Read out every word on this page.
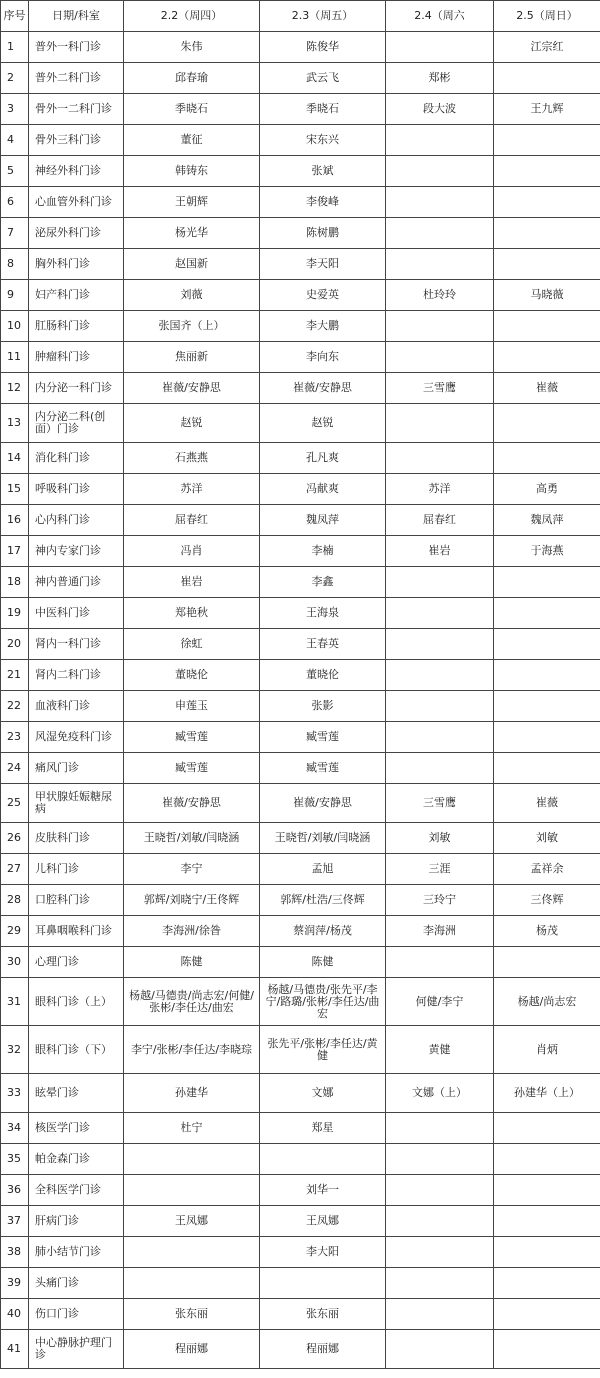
序号	日期/科室	2.2（周四）	2.3（周五）	2.4（周六	2.5（周日）
1	普外一科门诊	朱伟	陈俊华		江宗红
2	普外二科门诊	邱春瑜	武云飞	郑彬	
3	骨外一二科门诊	季晓石	季晓石	段大波	王九辉
4	骨外三科门诊	董征	宋东兴		
5	神经外科门诊	韩铸东	张斌		
6	心血管外科门诊	王朝辉	李俊峰		
7	泌尿外科门诊	杨光华	陈树鹏		
8	胸外科门诊	赵国新	李天阳		
9	妇产科门诊	刘薇	史爱英	杜玲玲	马晓薇
10	肛肠科门诊	张国齐（上）	李大鹏		
11	肿瘤科门诊	焦丽新	李向东		
12	内分泌一科门诊	崔薇/安静思	崔薇/安静思	三雪鹰	崔薇
13	内分泌二科(创面）门诊	赵锐	赵锐		
14	消化科门诊	石燕燕	孔凡爽		
15	呼吸科门诊	苏洋	冯献爽	苏洋	高勇
16	心内科门诊	屈春红	魏凤萍	屈春红	魏凤萍
17	神内专家门诊	冯肖	李楠	崔岩	于海燕
18	神内普通门诊	崔岩	李鑫		
19	中医科门诊	郑艳秋	王海泉		
20	肾内一科门诊	徐虹	王春英		
21	肾内二科门诊	董晓伦	董晓伦		
22	血液科门诊	申莲玉	张影		
23	风湿免疫科门诊	臧雪莲	臧雪莲		
24	痛风门诊	臧雪莲	臧雪莲		
25	甲状腺妊娠糖尿病	崔薇/安静思	崔薇/安静思	三雪鹰	崔薇
26	皮肤科门诊	王晓哲/刘敏/闫晓涵	王晓哲/刘敏/闫晓涵	刘敏	刘敏
27	儿科门诊	李宁	孟旭	三涯	孟祥余
28	口腔科门诊	郭辉/刘晓宁/王佟辉	郭辉/杜浩/三佟辉	三玲宁	三佟辉
29	耳鼻咽喉科门诊	李海洲/徐昝	蔡润萍/杨茂	李海洲	杨茂
30	心理门诊	陈健	陈健		
31	眼科门诊（上）	杨越/马德贵/尚志宏/何健/张彬/李任达/曲宏	杨越/马德贵/张先平/李宁/路璐/张彬/李任达/曲宏	何健/李宁	杨越/尚志宏
32	眼科门诊（下）	李宁/张彬/李任达/李晓琮	张先平/张彬/李任达/黄健	黄健	肖炳
33	眩晕门诊	孙建华	文娜	文娜（上）	孙建华（上）
34	核医学门诊	杜宁	郑星		
35	帕金森门诊				
36	全科医学门诊		刘华一		
37	肝病门诊	王凤娜	王凤娜		
38	肺小结节门诊		李大阳		
39	头痛门诊				
40	伤口门诊	张东丽	张东丽		
41	中心静脉护理门诊	程丽娜	程丽娜		
